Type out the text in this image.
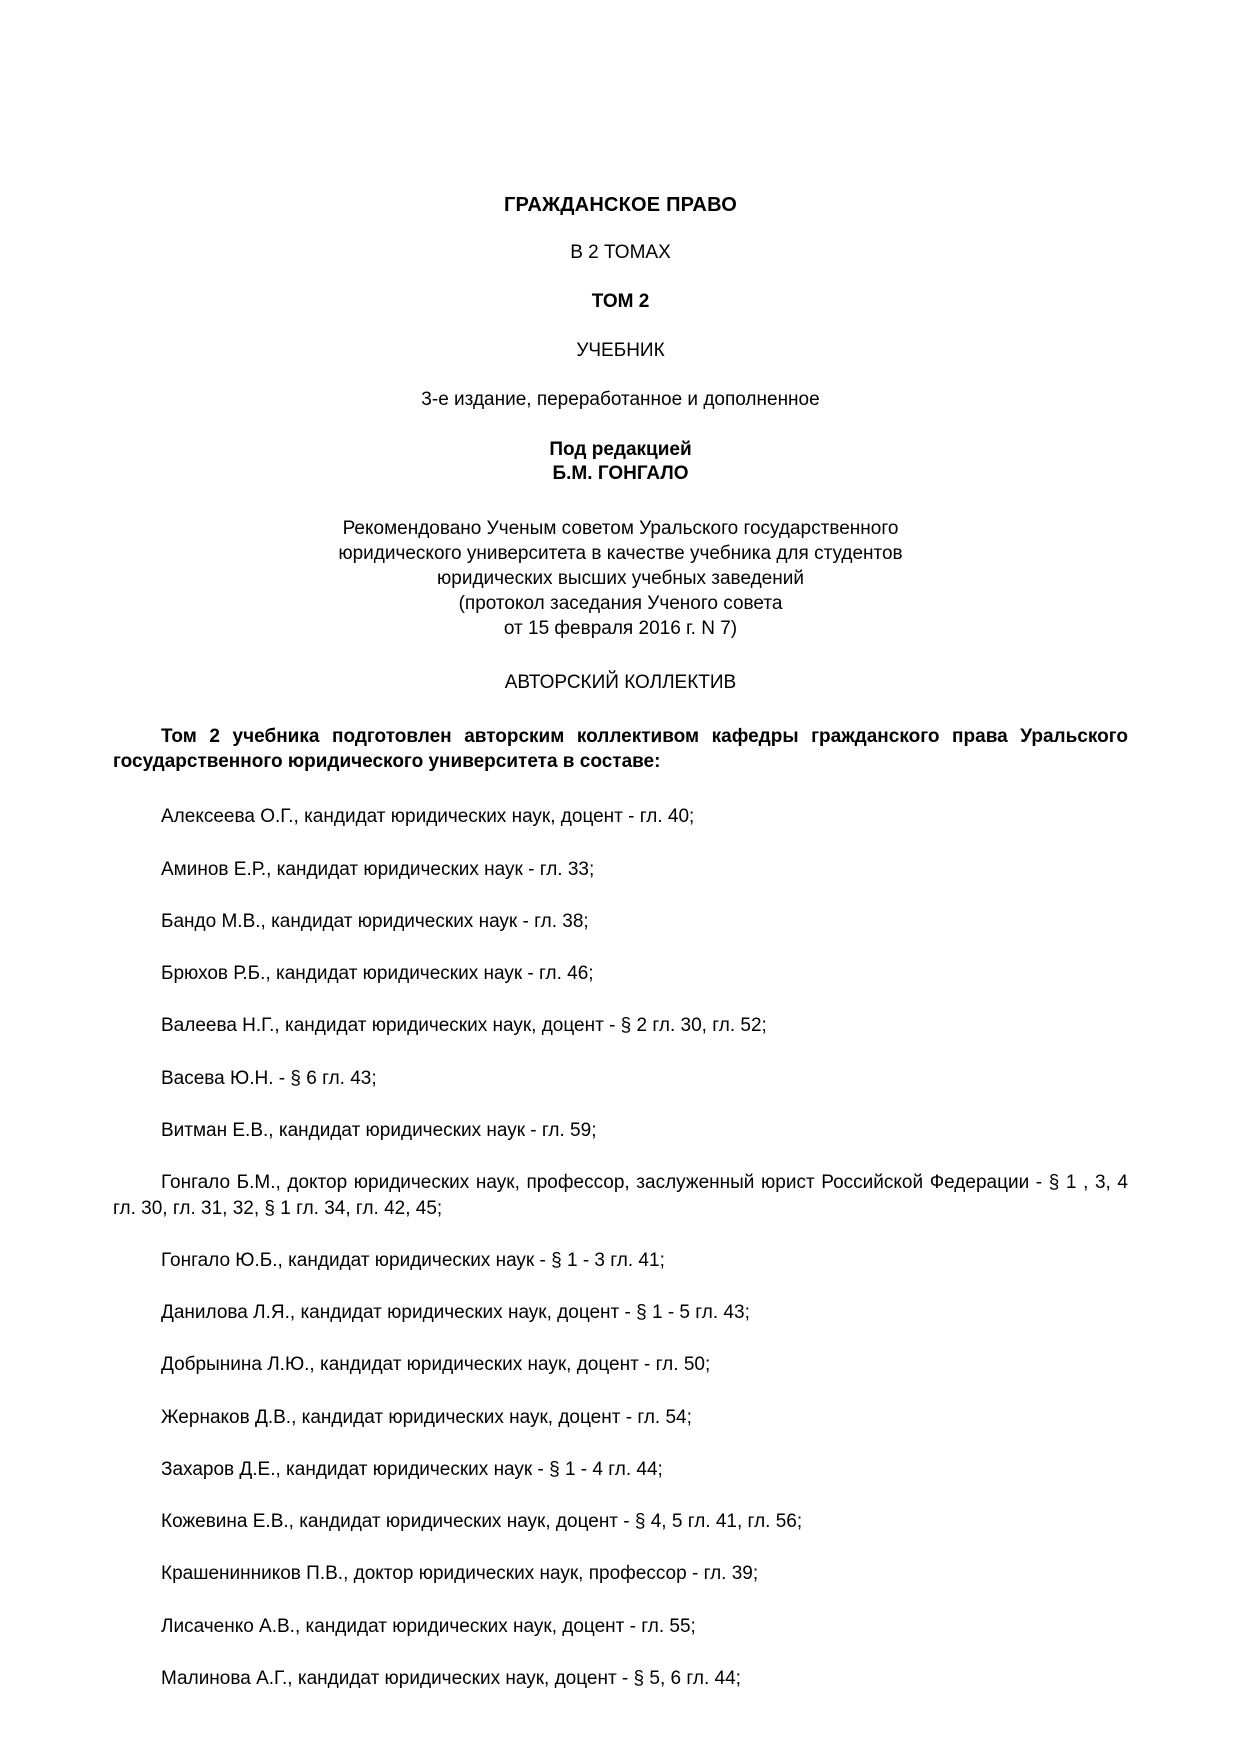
ГРАЖДАНСКОЕ ПРАВО

В 2 ТОМАХ

ТОМ 2

УЧЕБНИК

3-е издание, переработанное и дополненное

Под редакцией
Б.М. ГОНГАЛО
Рекомендовано Ученым советом Уральского государственного
юридического университета в качестве учебника для студентов
юридических высших учебных заведений
(протокол заседания Ученого совета
от 15 февраля 2016 г. N 7)

АВТОРСКИЙ КОЛЛЕКТИВ

Том 2 учебника подготовлен авторским коллективом кафедры гражданского права Уральского государственного юридического университета в составе:

Алексеева О.Г., кандидат юридических наук, доцент - гл. 40;
Аминов Е.Р., кандидат юридических наук - гл. 33;
Бандо М.В., кандидат юридических наук - гл. 38;
Брюхов Р.Б., кандидат юридических наук - гл. 46;
Валеева Н.Г., кандидат юридических наук, доцент - § 2 гл. 30, гл. 52;
Васева Ю.Н. - § 6 гл. 43;
Витман Е.В., кандидат юридических наук - гл. 59;
Гонгало Б.М., доктор юридических наук, профессор, заслуженный юрист Российской Федерации - § 1 , 3, 4 гл. 30, гл. 31, 32, § 1 гл. 34, гл. 42, 45;
Гонгало Ю.Б., кандидат юридических наук - § 1 - 3 гл. 41;
Данилова Л.Я., кандидат юридических наук, доцент - § 1 - 5 гл. 43;
Добрынина Л.Ю., кандидат юридических наук, доцент - гл. 50;
Жернаков Д.В., кандидат юридических наук, доцент - гл. 54;
Захаров Д.Е., кандидат юридических наук - § 1 - 4 гл. 44;
Кожевина Е.В., кандидат юридических наук, доцент - § 4, 5 гл. 41, гл. 56;
Крашенинников П.В., доктор юридических наук, профессор - гл. 39;
Лисаченко А.В., кандидат юридических наук, доцент - гл. 55;
Малинова А.Г., кандидат юридических наук, доцент - § 5, 6 гл. 44;
